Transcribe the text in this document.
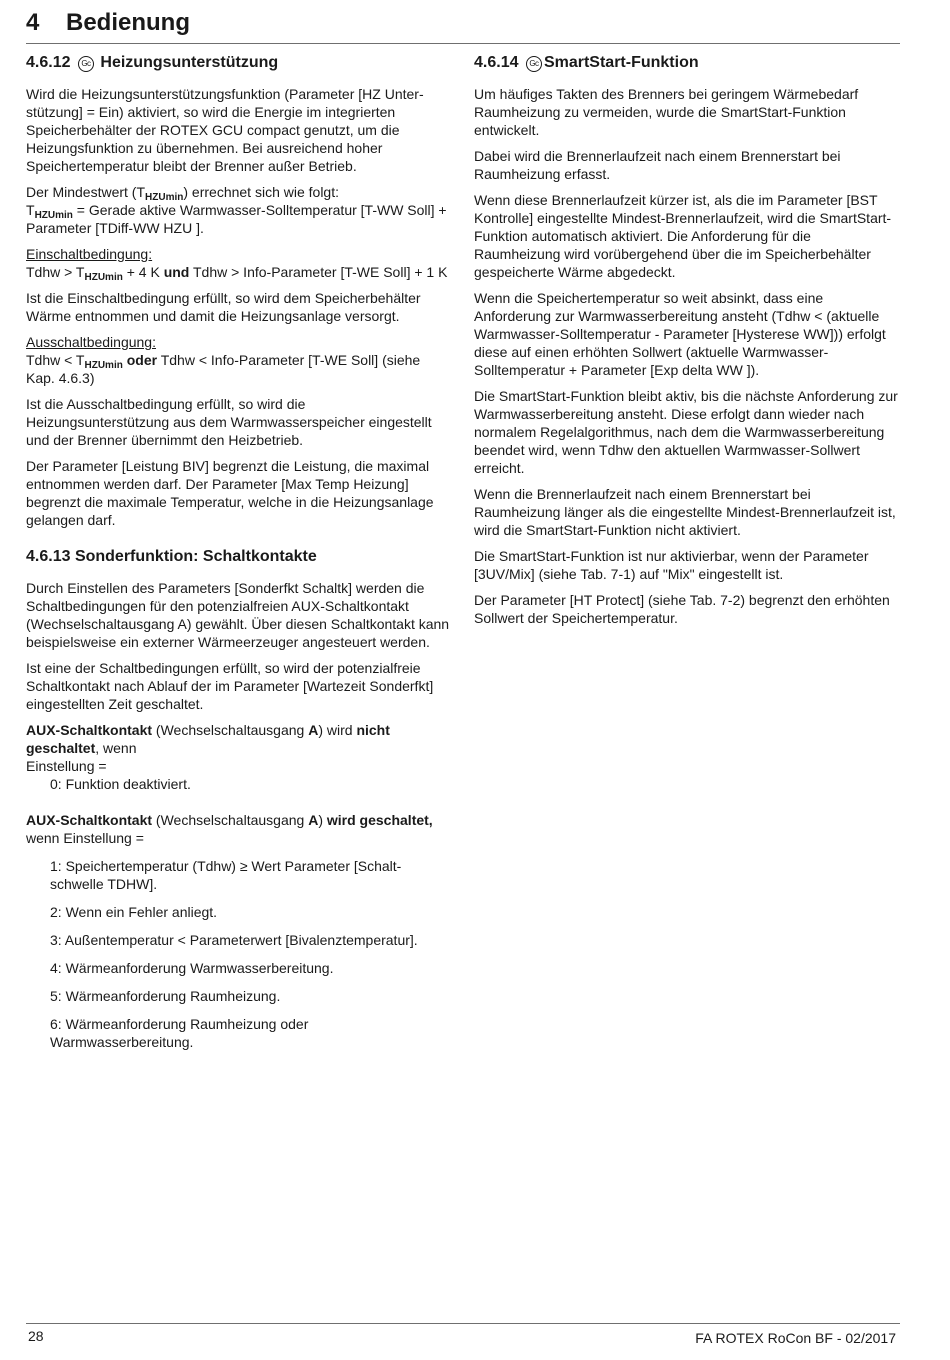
4 Bedienung
4.6.12 Gc Heizungsunterstützung

Wird die Heizungsunterstützungsfunktion (Parameter [HZ Unter-stützung] = Ein) aktiviert, so wird die Energie im integrierten Speicherbehälter der ROTEX GCU compact genutzt, um die Heizungsfunktion zu übernehmen. Bei ausreichend hoher Speichertemperatur bleibt der Brenner außer Betrieb.

Der Mindestwert $(T_{HZUmin})$ errechnet sich wie folgt:
$T_{HZUmin}$ = Gerade aktive Warmwasser-Solltemperatur [T-WW Soll] + Parameter [TDiff-WW HZU ].

Einschaltbedingung:
Tdhw > $T_{HZUmin} + 4$ K und Tdhw > Info-Parameter [T-WE Soll] + 1 K

Ist die Einschaltbedingung erfüllt, so wird dem Speicherbehälter Wärme entnommen und damit die Heizungsanlage versorgt.

Ausschaltbedingung:
Tdhw < $T_{HZUmin}$ oder Tdhw < Info-Parameter [T-WE Soll] (siehe Kap. 4.6.3)

Ist die Ausschaltbedingung erfüllt, so wird die Heizungsunterstützung aus dem Warmwasserspeicher eingestellt und der Brenner übernimmt den Heizbetrieb.

Der Parameter [Leistung BIV] begrenzt die Leistung, die maximal entnommen werden darf. Der Parameter [Max Temp Heizung] begrenzt die maximale Temperatur, welche in die Heizungsanlage gelangen darf.

4.6.13 Sonderfunktion: Schaltkontakte

Durch Einstellen des Parameters [Sonderfkt Schaltk] werden die Schaltbedingungen für den potenzialfreien AUX-Schaltkontakt (Wechselschaltausgang A) gewählt. Über diesen Schaltkontakt kann beispielsweise ein externer Wärmeerzeuger angesteuert werden.

Ist eine der Schaltbedingungen erfüllt, so wird der potenzialfreie Schaltkontakt nach Ablauf der im Parameter [Wartezeit Sonderfkt] eingestellten Zeit geschaltet.

AUX-Schaltkontakt (Wechselschaltausgang A) wird nicht geschaltet, wenn
Einstellung =
0: Funktion deaktiviert.

AUX-Schaltkontakt (Wechselschaltausgang A) wird geschaltet, wenn Einstellung =

1: Speichertemperatur (Tdhw) ≥ Wert Parameter [Schalt-schwelle TDHW].

2: Wenn ein Fehler anliegt.

3: Außentemperatur < Parameterwert [Bivalenztemperatur].

4: Wärmeanforderung Warmwasserbereitung.

5: Wärmeanforderung Raumheizung.

6: Wärmeanforderung Raumheizung oder Warmwasserbereitung.

4.6.14 Gc SmartStart-Funktion

Um häufiges Takten des Brenners bei geringem Wärmebedarf Raumheizung zu vermeiden, wurde die SmartStart-Funktion entwickelt.

Dabei wird die Brennerlaufzeit nach einem Brennerstart bei Raumheizung erfasst.

Wenn diese Brennerlaufzeit kürzer ist, als die im Parameter [BST Kontrolle] eingestellte Mindest-Brennerlaufzeit, wird die SmartStart-Funktion automatisch aktiviert. Die Anforderung für die Raumheizung wird vorübergehend über die im Speicherbehälter gespeicherte Wärme abgedeckt.

Wenn die Speichertemperatur so weit absinkt, dass eine Anforderung zur Warmwasserbereitung ansteht (Tdhw < (aktuelle Warmwasser-Solltemperatur - Parameter [Hysterese WW])) erfolgt diese auf einen erhöhten Sollwert (aktuelle Warmwasser-Solltemperatur + Parameter [Exp delta WW ]).

Die SmartStart-Funktion bleibt aktiv, bis die nächste Anforderung zur Warmwasserbereitung ansteht. Diese erfolgt dann wieder nach normalem Regelalgorithmus, nach dem die Warmwasserbereitung beendet wird, wenn Tdhw den aktuellen Warmwasser-Sollwert erreicht.

Wenn die Brennerlaufzeit nach einem Brennerstart bei Raumheizung länger als die eingestellte Mindest-Brennerlaufzeit ist, wird die SmartStart-Funktion nicht aktiviert.

Die SmartStart-Funktion ist nur aktivierbar, wenn der Parameter [3UV/Mix] (siehe Tab. 7-1) auf "Mix" eingestellt ist.

Der Parameter [HT Protect] (siehe Tab. 7-2) begrenzt den erhöhten Sollwert der Speichertemperatur.

28	FA ROTEX RoCon BF - 02/2017
